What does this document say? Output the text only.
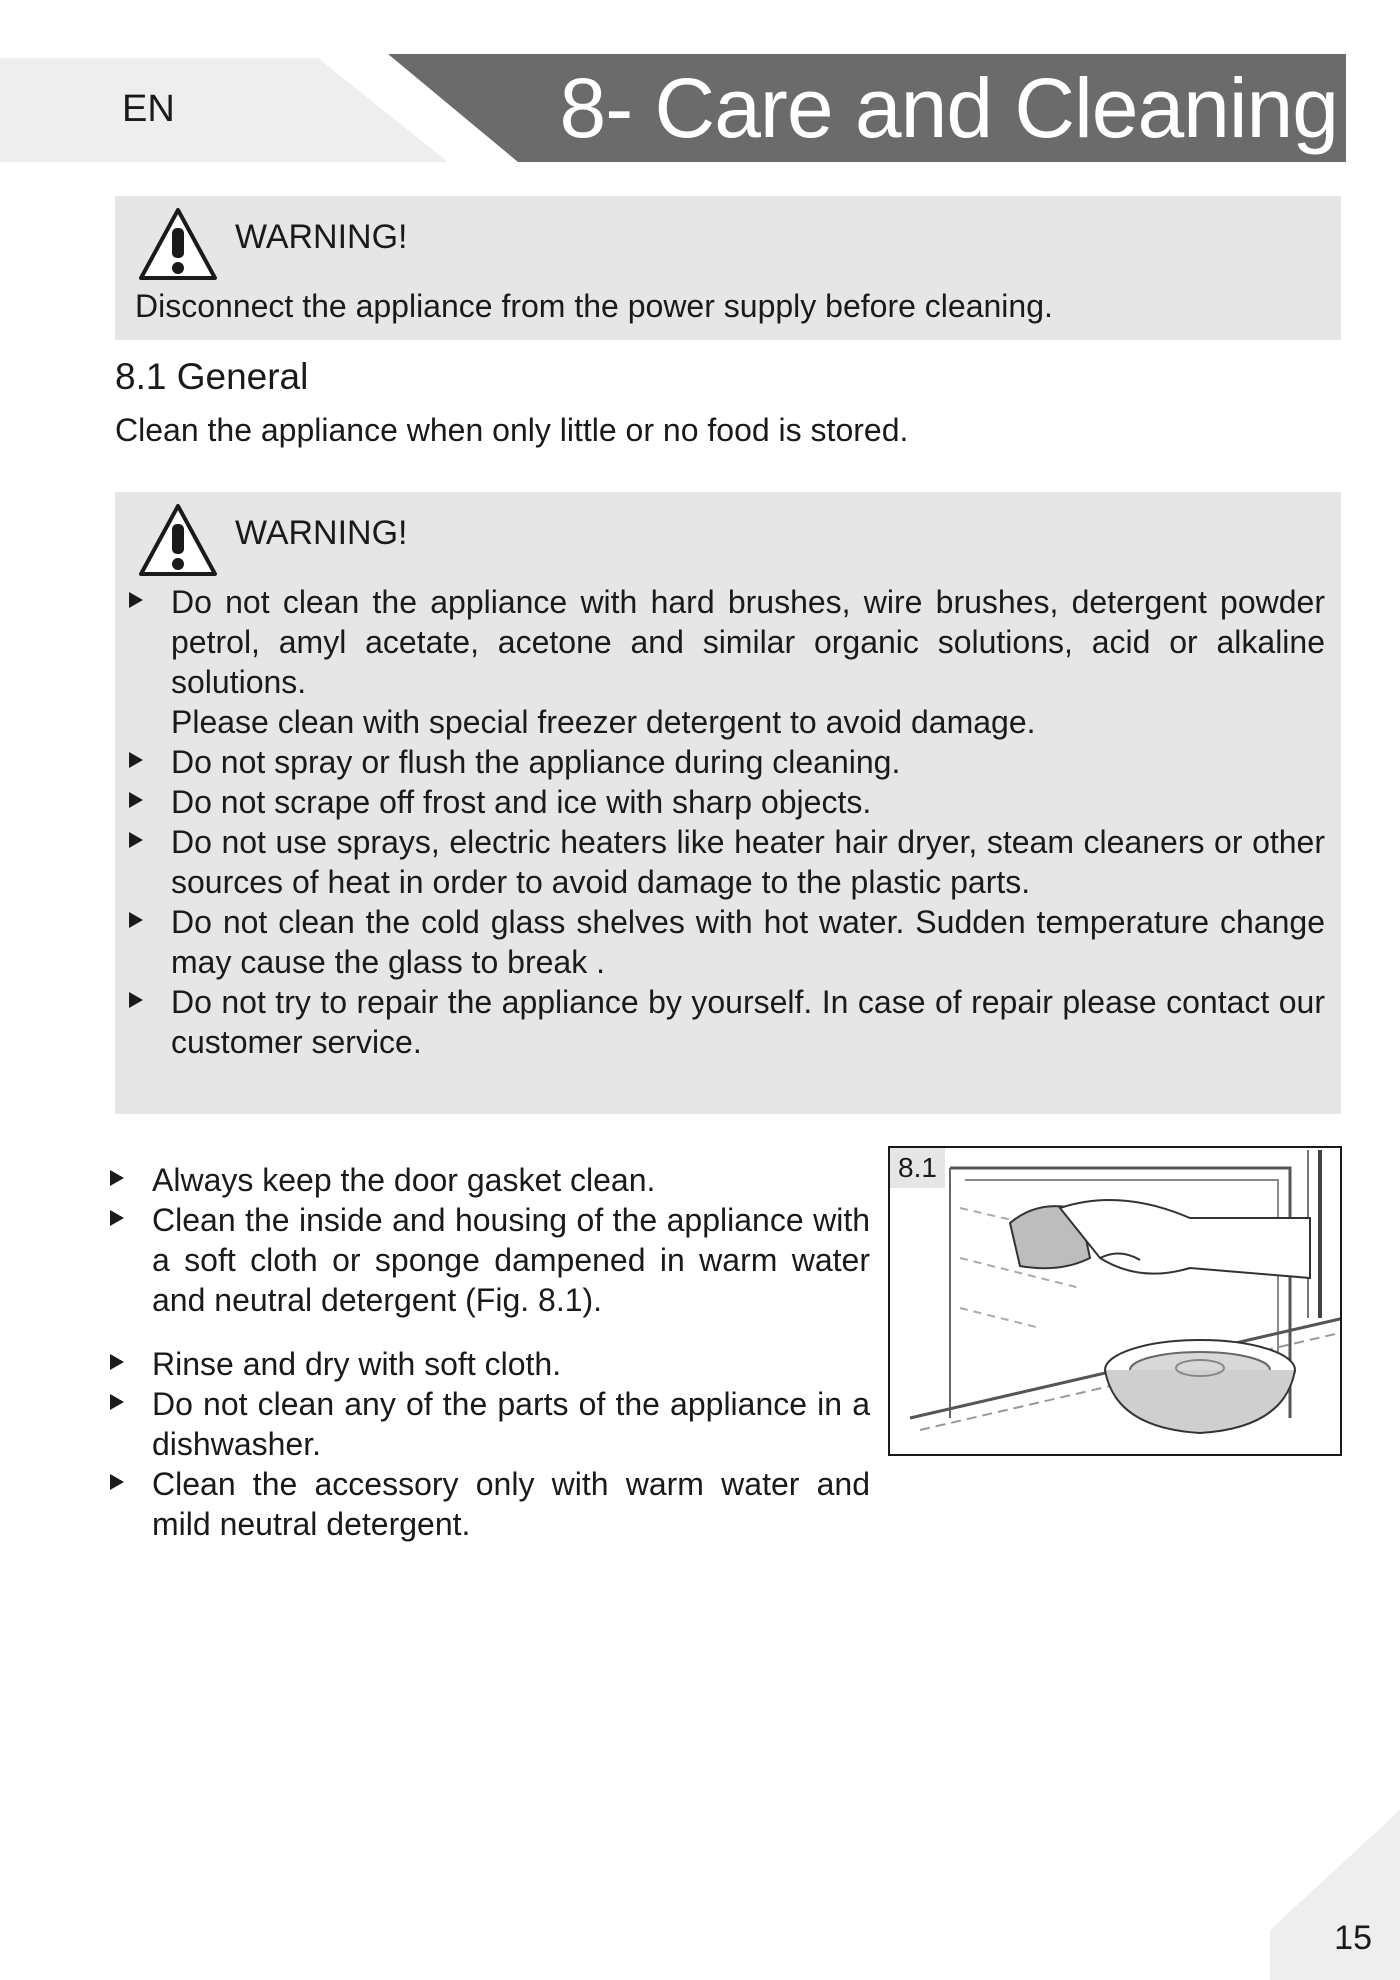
EN	8- Care and Cleaning
WARNING!
Disconnect the appliance from the power supply before cleaning.
8.1 General
Clean the appliance when only little or no food is stored.
WARNING!
Do not clean the appliance with hard brushes, wire brushes, detergent powder petrol, amyl acetate, acetone and similar organic solutions, acid or alkaline solutions.
Please clean with special freezer detergent to avoid damage.
Do not spray or flush the appliance during cleaning.
Do not scrape off frost and ice with sharp objects.
Do not use sprays, electric heaters like heater hair dryer, steam cleaners or other sources of heat in order to avoid damage to the plastic parts.
Do not clean the cold glass shelves with hot water. Sudden temperature change may cause the glass to break .
Do not try to repair the appliance by yourself. In case of repair please contact our customer service.
Always keep the door gasket clean.
Clean the inside and housing of the appliance with a soft cloth or sponge dampened in warm water and neutral detergent (Fig. 8.1).
Rinse and dry with soft cloth.
Do not clean any of the parts of the appliance in a dishwasher.
Clean the accessory only with warm water and mild neutral detergent.
8.1
15
